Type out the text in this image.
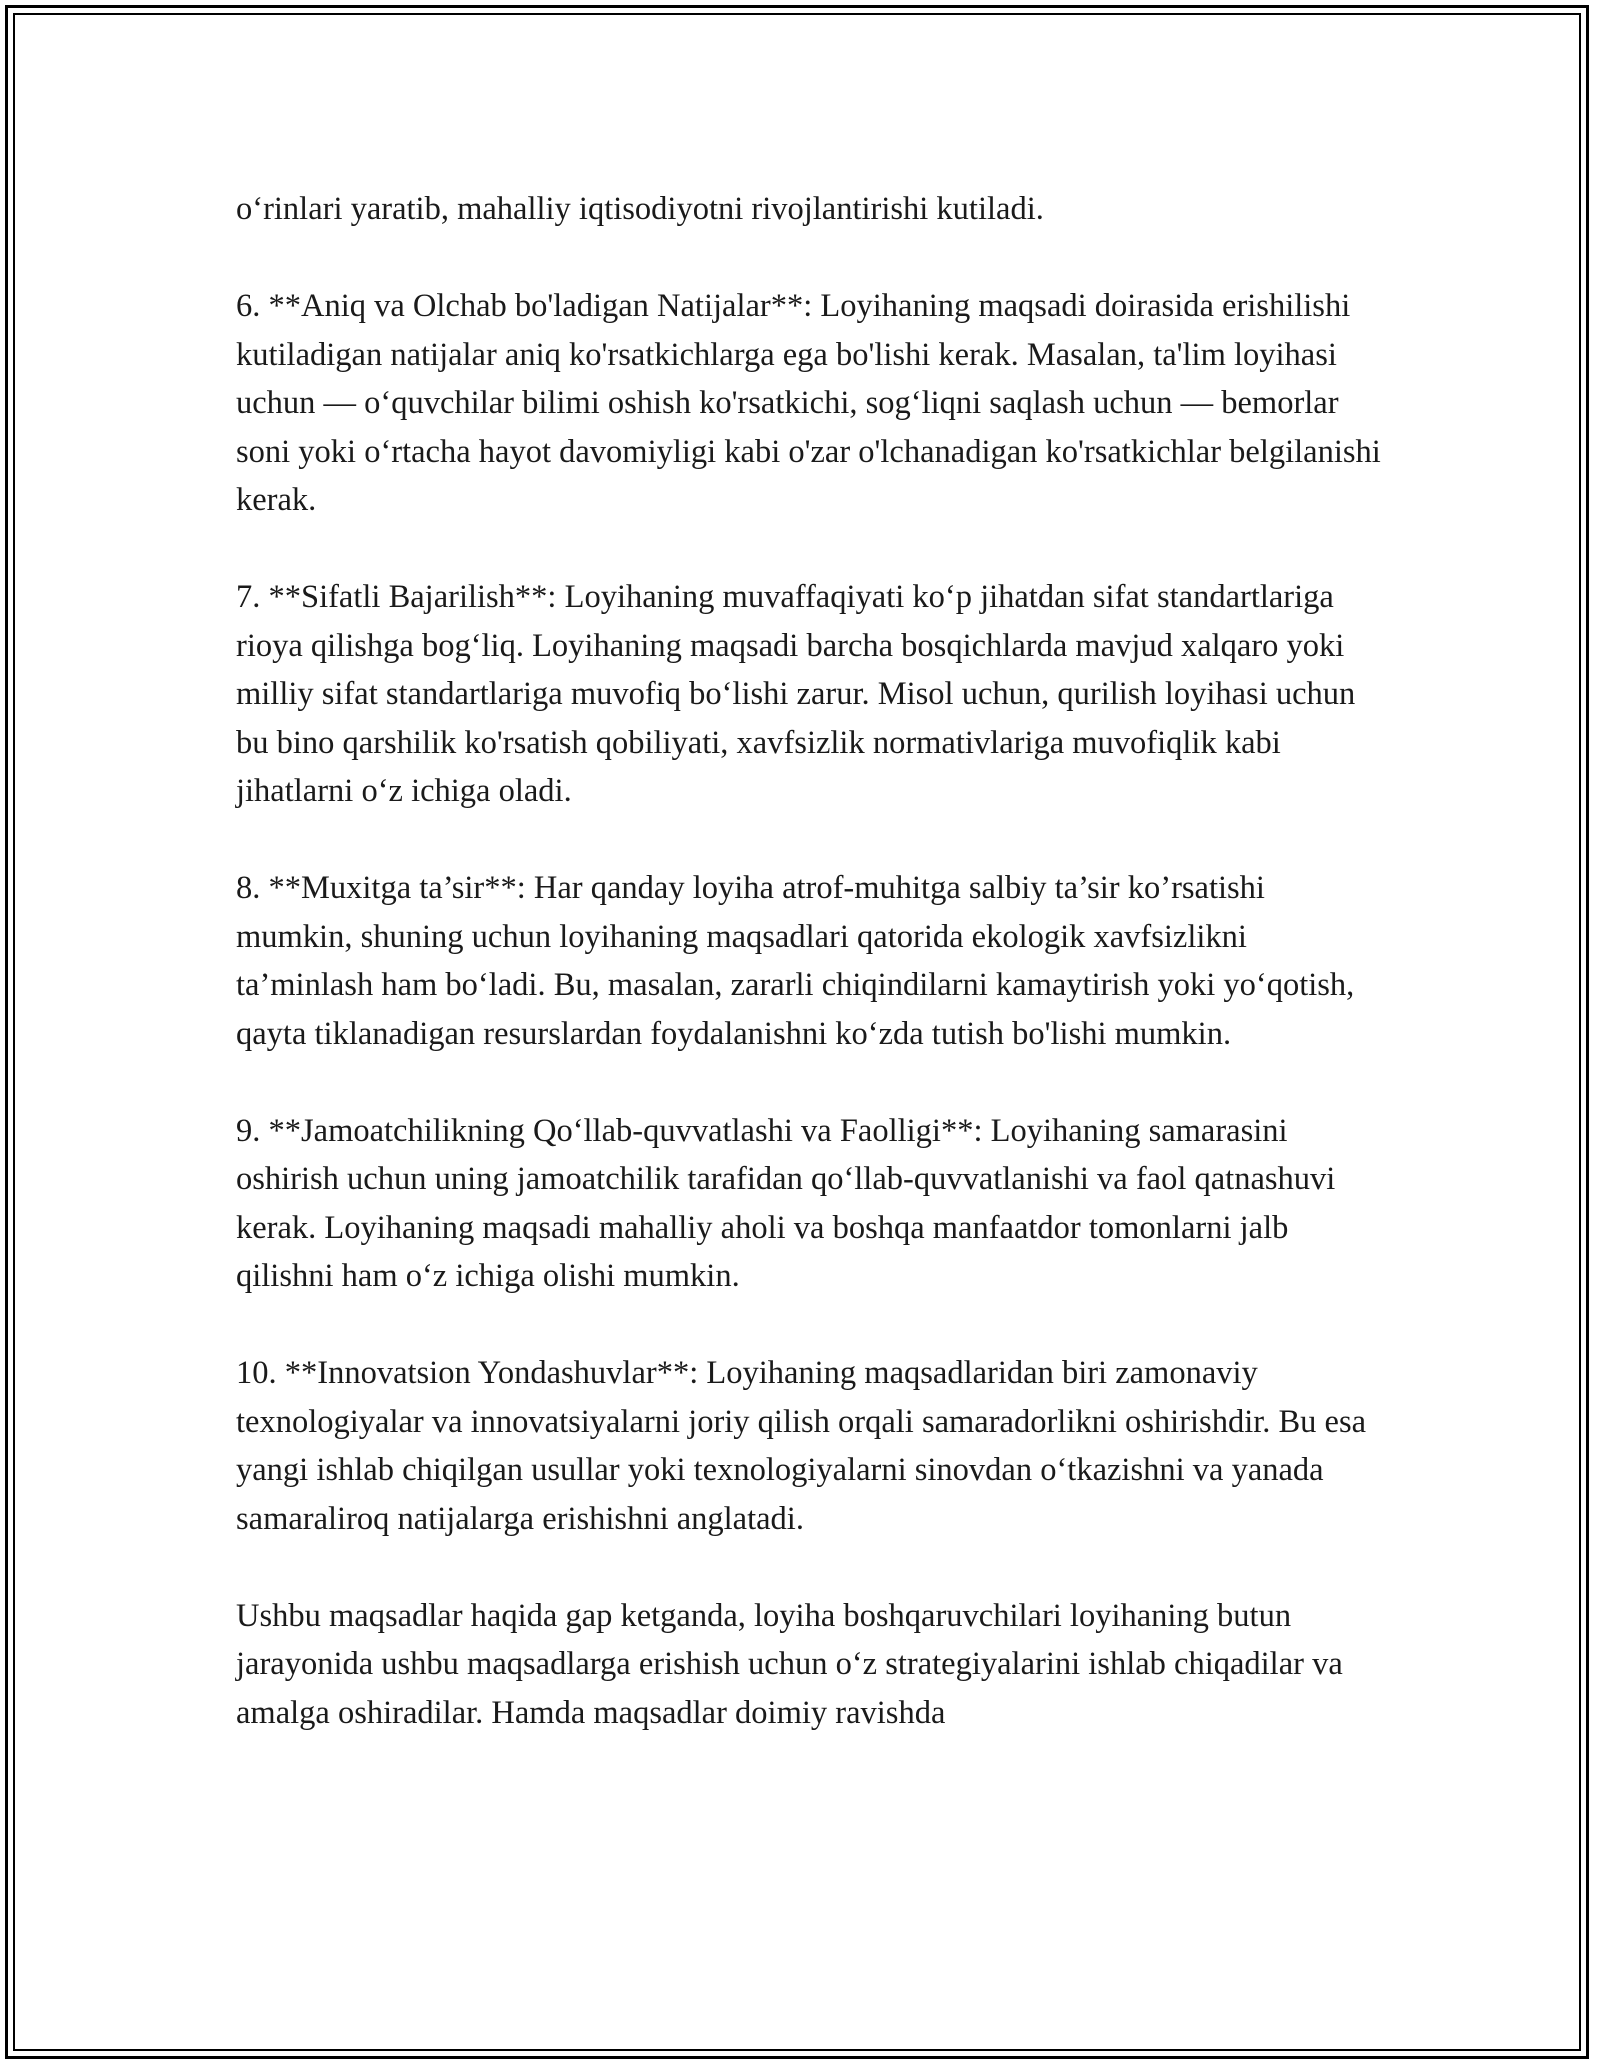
o‘rinlari yaratib, mahalliy iqtisodiyotni rivojlantirishi kutiladi.

6. **Aniq va Olchab bo'ladigan Natijalar**: Loyihaning maqsadi doirasida erishilishi kutiladigan natijalar aniq ko'rsatkichlarga ega bo'lishi kerak. Masalan, ta'lim loyihasi uchun — o‘quvchilar bilimi oshish ko'rsatkichi, sog‘liqni saqlash uchun — bemorlar soni yoki o‘rtacha hayot davomiyligi kabi o'zar o'lchanadigan ko'rsatkichlar belgilanishi kerak.

7. **Sifatli Bajarilish**: Loyihaning muvaffaqiyati ko‘p jihatdan sifat standartlariga rioya qilishga bog‘liq. Loyihaning maqsadi barcha bosqichlarda mavjud xalqaro yoki milliy sifat standartlariga muvofiq bo‘lishi zarur. Misol uchun, qurilish loyihasi uchun bu bino qarshilik ko'rsatish qobiliyati, xavfsizlik normativlariga muvofiqlik kabi jihatlarni o‘z ichiga oladi.

8. **Muxitga ta’sir**: Har qanday loyiha atrof-muhitga salbiy ta’sir ko’rsatishi mumkin, shuning uchun loyihaning maqsadlari qatorida ekologik xavfsizlikni ta’minlash ham bo‘ladi. Bu, masalan, zararli chiqindilarni kamaytirish yoki yo‘qotish, qayta tiklanadigan resurslardan foydalanishni ko‘zda tutish bo'lishi mumkin.

9. **Jamoatchilikning Qo‘llab-quvvatlashi va Faolligi**: Loyihaning samarasini oshirish uchun uning jamoatchilik tarafidan qo‘llab-quvvatlanishi va faol qatnashuvi kerak. Loyihaning maqsadi mahalliy aholi va boshqa manfaatdor tomonlarni jalb qilishni ham o‘z ichiga olishi mumkin.

10. **Innovatsion Yondashuvlar**: Loyihaning maqsadlaridan biri zamonaviy texnologiyalar va innovatsiyalarni joriy qilish orqali samaradorlikni oshirishdir. Bu esa yangi ishlab chiqilgan usullar yoki texnologiyalarni sinovdan o‘tkazishni va yanada samaraliroq natijalarga erishishni anglatadi.

Ushbu maqsadlar haqida gap ketganda, loyiha boshqaruvchilari loyihaning butun jarayonida ushbu maqsadlarga erishish uchun o‘z strategiyalarini ishlab chiqadilar va amalga oshiradilar. Hamda maqsadlar doimiy ravishda
